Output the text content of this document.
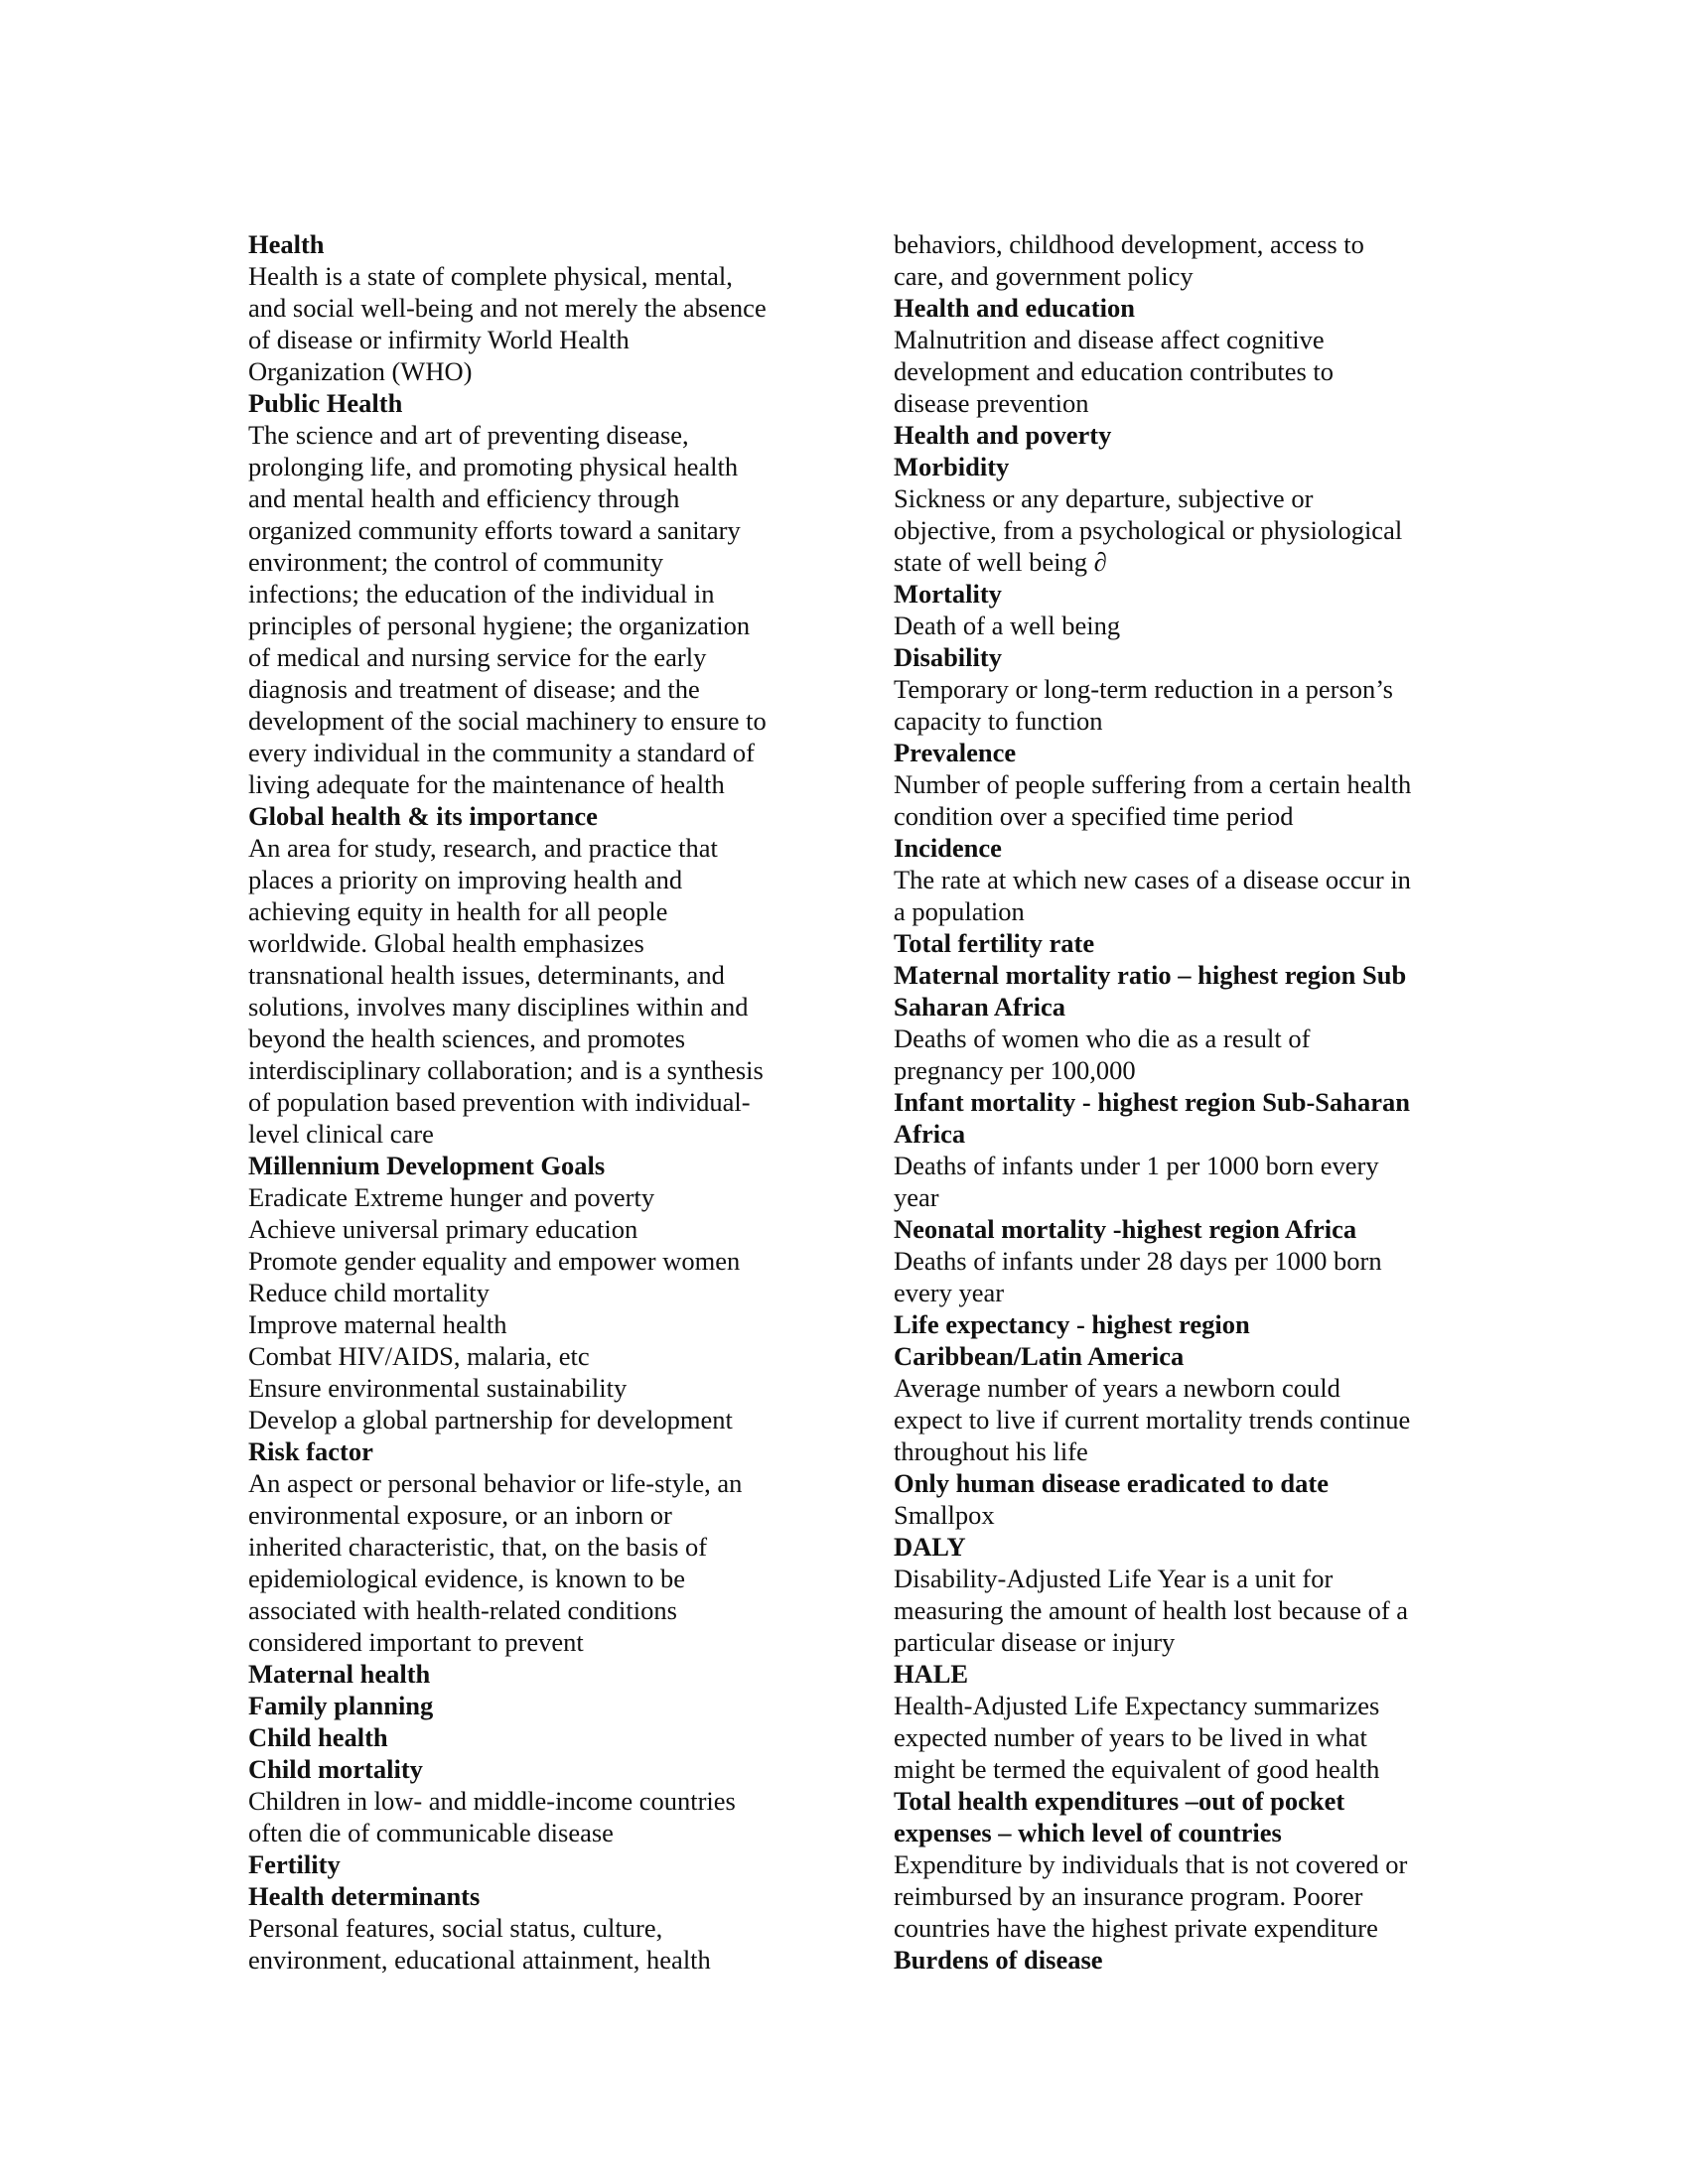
Health
Health is a state of complete physical, mental,
and social well-being and not merely the absence
of disease or infirmity World Health
Organization (WHO)
Public Health
The science and art of preventing disease,
prolonging life, and promoting physical health
and mental health and efficiency through
organized community efforts toward a sanitary
environment; the control of community
infections; the education of the individual in
principles of personal hygiene; the organization
of medical and nursing service for the early
diagnosis and treatment of disease; and the
development of the social machinery to ensure to
every individual in the community a standard of
living adequate for the maintenance of health
Global health & its importance
An area for study, research, and practice that
places a priority on improving health and
achieving equity in health for all people
worldwide. Global health emphasizes
transnational health issues, determinants, and
solutions, involves many disciplines within and
beyond the health sciences, and promotes
interdisciplinary collaboration; and is a synthesis
of population based prevention with individual-
level clinical care
Millennium Development Goals
Eradicate Extreme hunger and poverty
Achieve universal primary education
Promote gender equality and empower women
Reduce child mortality
Improve maternal health
Combat HIV/AIDS, malaria, etc
Ensure environmental sustainability
Develop a global partnership for development
Risk factor
An aspect or personal behavior or life-style, an
environmental exposure, or an inborn or
inherited characteristic, that, on the basis of
epidemiological evidence, is known to be
associated with health-related conditions
considered important to prevent
Maternal health
Family planning
Child health
Child mortality
Children in low- and middle-income countries
often die of communicable disease
Fertility
Health determinants
Personal features, social status, culture,
environment, educational attainment, health
behaviors, childhood development, access to
care, and government policy
Health and education
Malnutrition and disease affect cognitive
development and education contributes to
disease prevention
Health and poverty
Morbidity
Sickness or any departure, subjective or
objective, from a psychological or physiological
state of well being ∂
Mortality
Death of a well being
Disability
Temporary or long-term reduction in a person’s
capacity to function
Prevalence
Number of people suffering from a certain health
condition over a specified time period
Incidence
The rate at which new cases of a disease occur in
a population
Total fertility rate
Maternal mortality ratio – highest region Sub
Saharan Africa
Deaths of women who die as a result of
pregnancy per 100,000
Infant mortality - highest region Sub-Saharan
Africa
Deaths of infants under 1 per 1000 born every
year
Neonatal mortality -highest region Africa
Deaths of infants under 28 days per 1000 born
every year
Life expectancy - highest region
Caribbean/Latin America
Average number of years a newborn could
expect to live if current mortality trends continue
throughout his life
Only human disease eradicated to date
Smallpox
DALY
Disability-Adjusted Life Year is a unit for
measuring the amount of health lost because of a
particular disease or injury
HALE
Health-Adjusted Life Expectancy summarizes
expected number of years to be lived in what
might be termed the equivalent of good health
Total health expenditures –out of pocket
expenses – which level of countries
Expenditure by individuals that is not covered or
reimbursed by an insurance program. Poorer
countries have the highest private expenditure
Burdens of disease
